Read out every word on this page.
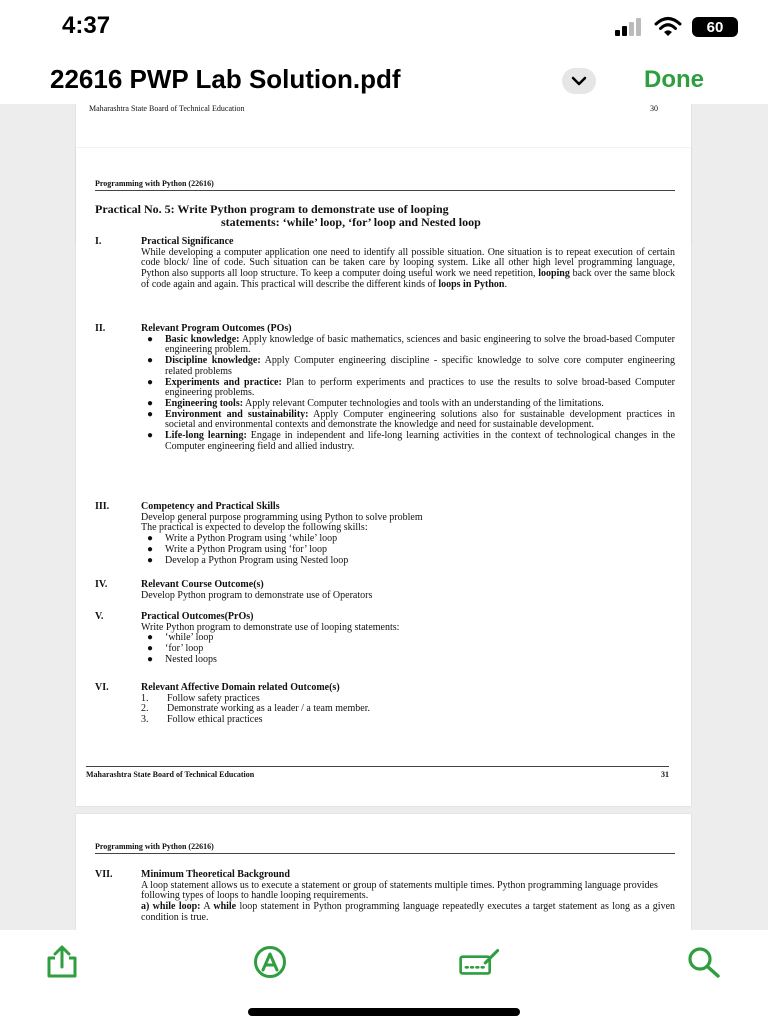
4:37	60
22616 PWP Lab Solution.pdf	Done
Maharashtra State Board of Technical Education	30
Programming with Python (22616)
Practical No. 5: Write Python program to demonstrate use of looping
statements: ‘while’ loop, ‘for’ loop and Nested loop
I.	Practical Significance
While developing a computer application one need to identify all possible situation. One situation is to repeat execution of certain code block/ line of code. Such situation can be taken care by looping system. Like all other high level programming language, Python also supports all loop structure. To keep a computer doing useful work we need repetition, looping back over the same block of code again and again. This practical will describe the different kinds of loops in Python.
II.	Relevant Program Outcomes (POs)
● Basic knowledge: Apply knowledge of basic mathematics, sciences and basic engineering to solve the broad-based Computer engineering problem.
● Discipline knowledge: Apply Computer engineering discipline - specific knowledge to solve core computer engineering related problems
● Experiments and practice: Plan to perform experiments and practices to use the results to solve broad-based Computer engineering problems.
● Engineering tools: Apply relevant Computer technologies and tools with an understanding of the limitations.
● Environment and sustainability: Apply Computer engineering solutions also for sustainable development practices in societal and environmental contexts and demonstrate the knowledge and need for sustainable development.
● Life-long learning: Engage in independent and life-long learning activities in the context of technological changes in the Computer engineering field and allied industry.
III.	Competency and Practical Skills
Develop general purpose programming using Python to solve problem
The practical is expected to develop the following skills:
● Write a Python Program using ‘while’ loop
● Write a Python Program using ‘for’ loop
● Develop a Python Program using Nested loop
IV.	Relevant Course Outcome(s)
Develop Python program to demonstrate use of Operators
V.	Practical Outcomes(PrOs)
Write Python program to demonstrate use of looping statements:
● ‘while’ loop
● ‘for’ loop
● Nested loops
VI.	Relevant Affective Domain related Outcome(s)
1. Follow safety practices
2. Demonstrate working as a leader / a team member.
3. Follow ethical practices
Maharashtra State Board of Technical Education	31
Programming with Python (22616)
VII.	Minimum Theoretical Background
A loop statement allows us to execute a statement or group of statements multiple times. Python programming language provides following types of loops to handle looping requirements.
a) while loop: A while loop statement in Python programming language repeatedly executes a target statement as long as a given condition is true.
